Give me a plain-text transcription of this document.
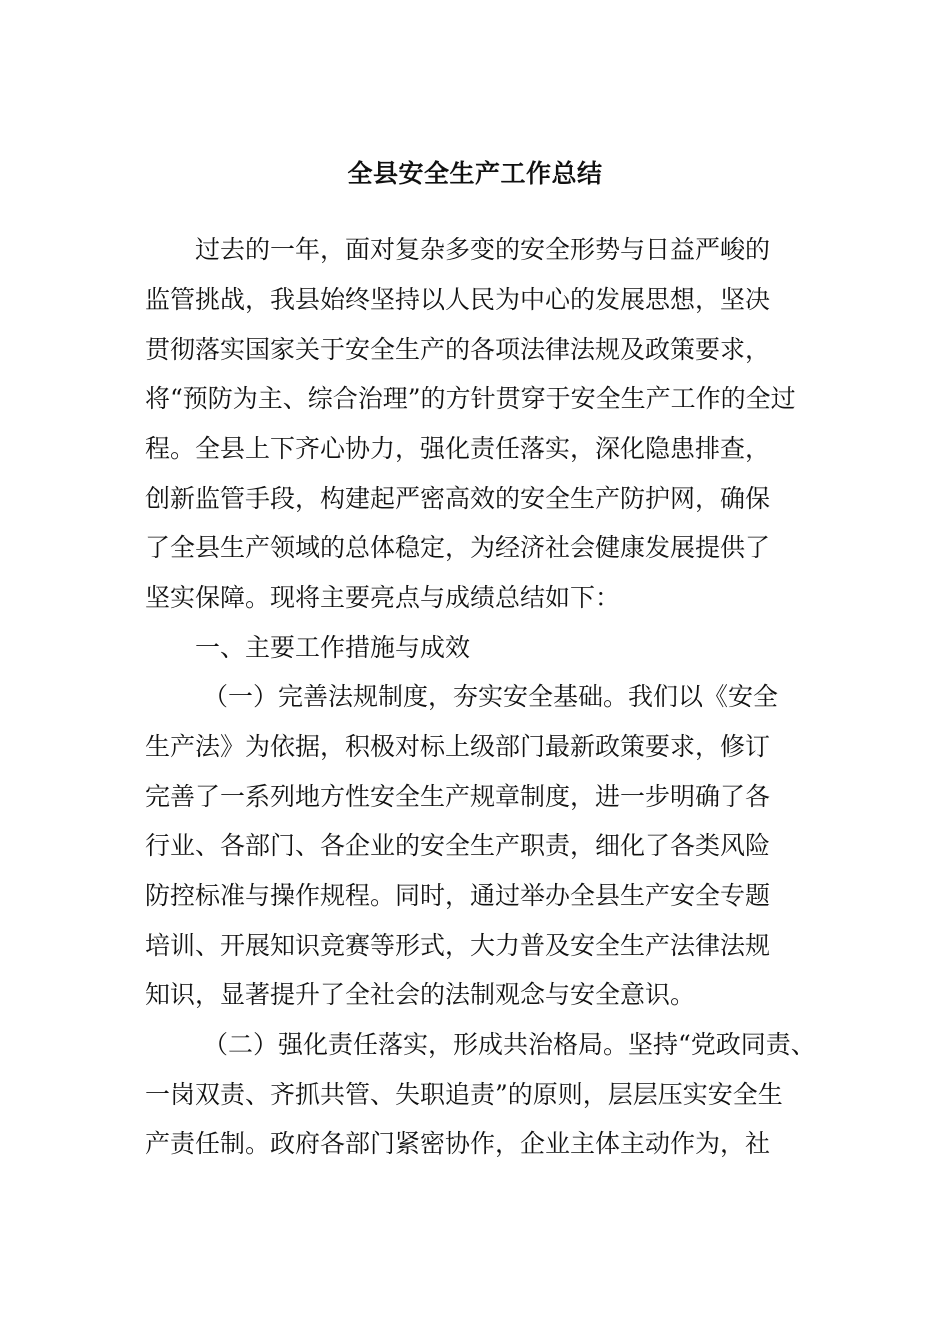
全县安全生产工作总结

过去的一年，面对复杂多变的安全形势与日益严峻的

监管挑战，我县始终坚持以人民为中心的发展思想，坚决

贯彻落实国家关于安全生产的各项法律法规及政策要求，

将“预防为主、综合治理”的方针贯穿于安全生产工作的全过

程。全县上下齐心协力，强化责任落实，深化隐患排查，

创新监管手段，构建起严密高效的安全生产防护网，确保

了全县生产领域的总体稳定，为经济社会健康发展提供了

坚实保障。现将主要亮点与成绩总结如下：

一、主要工作措施与成效

（一）完善法规制度，夯实安全基础。我们以《安全

生产法》为依据，积极对标上级部门最新政策要求，修订

完善了一系列地方性安全生产规章制度，进一步明确了各

行业、各部门、各企业的安全生产职责，细化了各类风险

防控标准与操作规程。同时，通过举办全县生产安全专题

培训、开展知识竞赛等形式，大力普及安全生产法律法规

知识，显著提升了全社会的法制观念与安全意识。

（二）强化责任落实，形成共治格局。坚持“党政同责、

一岗双责、齐抓共管、失职追责”的原则，层层压实安全生

产责任制。政府各部门紧密协作，企业主体主动作为，社
